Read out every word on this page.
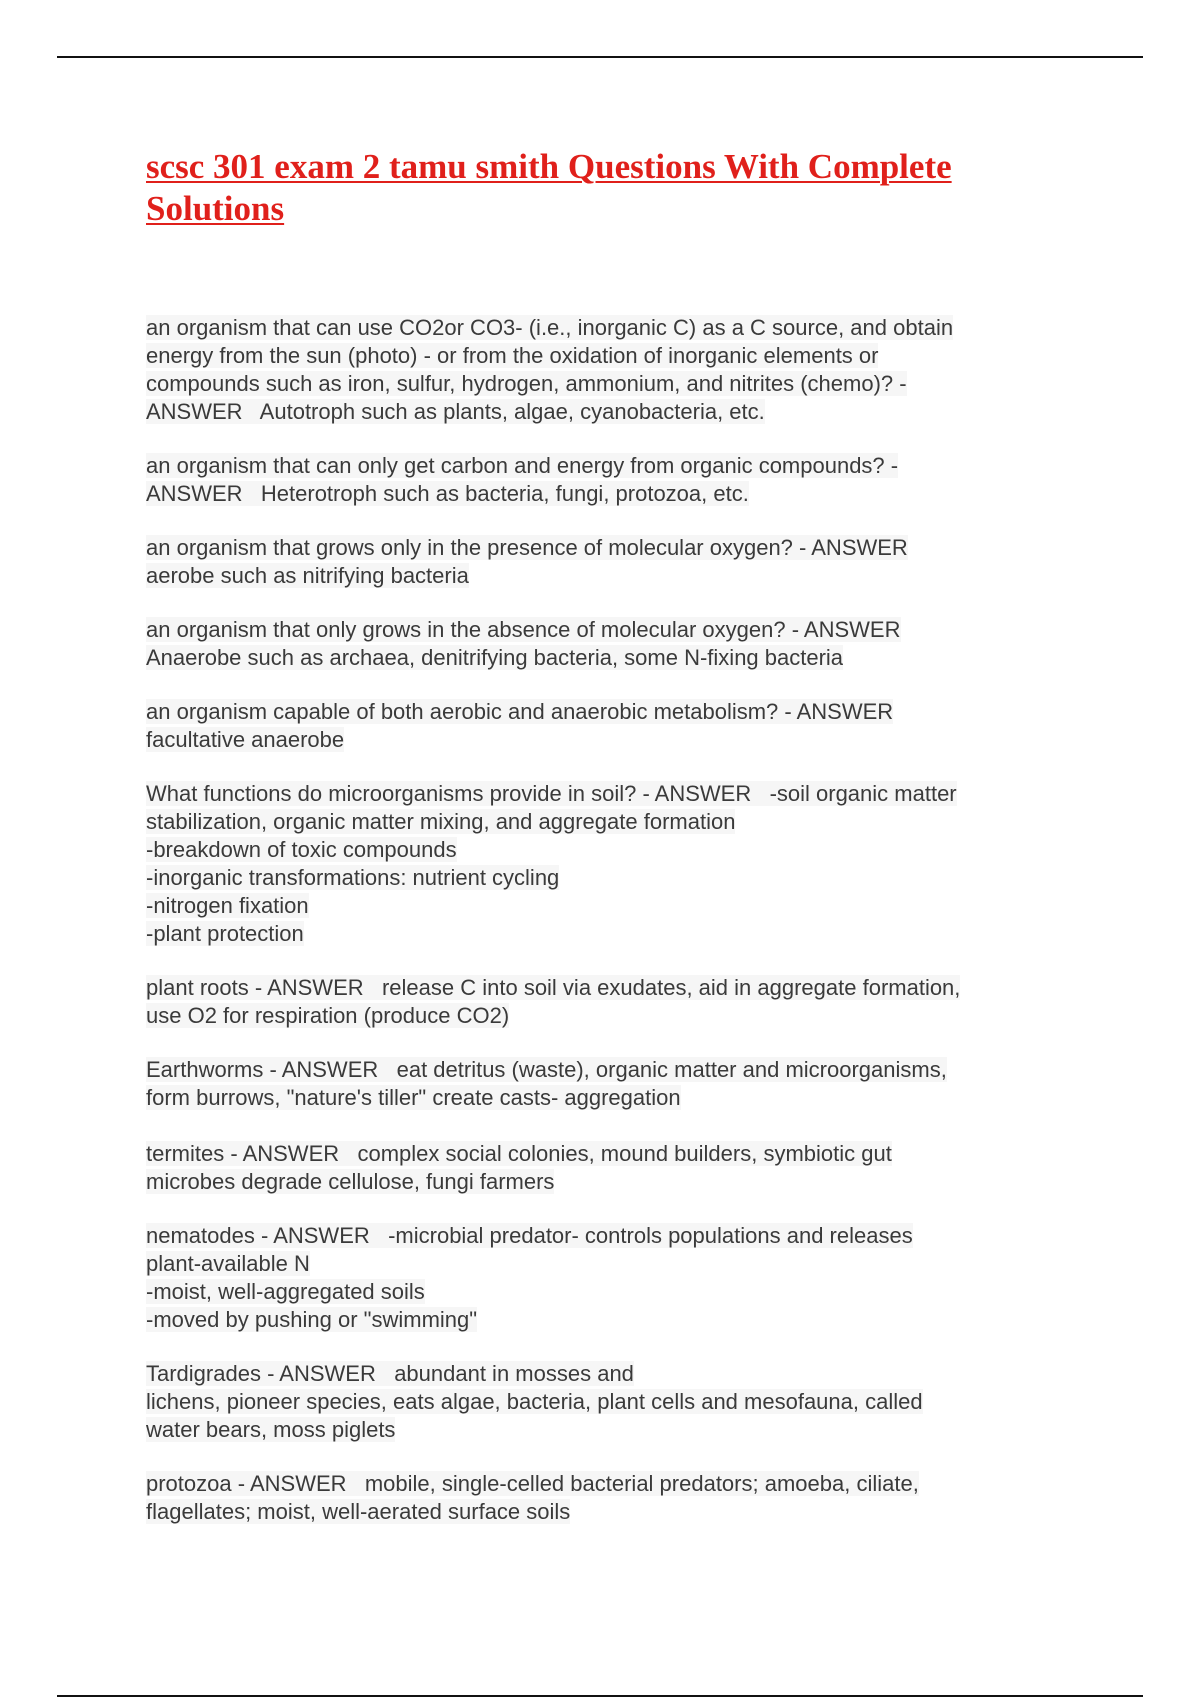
scsc 301 exam 2 tamu smith Questions With Complete
Solutions

an organism that can use CO2or CO3- (i.e., inorganic C) as a C source, and obtain
energy from the sun (photo) - or from the oxidation of inorganic elements or
compounds such as iron, sulfur, hydrogen, ammonium, and nitrites (chemo)? -
ANSWER   Autotroph such as plants, algae, cyanobacteria, etc.

an organism that can only get carbon and energy from organic compounds? -
ANSWER   Heterotroph such as bacteria, fungi, protozoa, etc.

an organism that grows only in the presence of molecular oxygen? - ANSWER
aerobe such as nitrifying bacteria

an organism that only grows in the absence of molecular oxygen? - ANSWER
Anaerobe such as archaea, denitrifying bacteria, some N-fixing bacteria

an organism capable of both aerobic and anaerobic metabolism? - ANSWER
facultative anaerobe

What functions do microorganisms provide in soil? - ANSWER   -soil organic matter
stabilization, organic matter mixing, and aggregate formation
-breakdown of toxic compounds
-inorganic transformations: nutrient cycling
-nitrogen fixation
-plant protection

plant roots - ANSWER   release C into soil via exudates, aid in aggregate formation,
use O2 for respiration (produce CO2)

Earthworms - ANSWER   eat detritus (waste), organic matter and microorganisms,
form burrows, "nature's tiller" create casts- aggregation

termites - ANSWER   complex social colonies, mound builders, symbiotic gut
microbes degrade cellulose, fungi farmers

nematodes - ANSWER   -microbial predator- controls populations and releases
plant-available N
-moist, well-aggregated soils
-moved by pushing or "swimming"

Tardigrades - ANSWER   abundant in mosses and
lichens, pioneer species, eats algae, bacteria, plant cells and mesofauna, called
water bears, moss piglets

protozoa - ANSWER   mobile, single-celled bacterial predators; amoeba, ciliate,
flagellates; moist, well-aerated surface soils
